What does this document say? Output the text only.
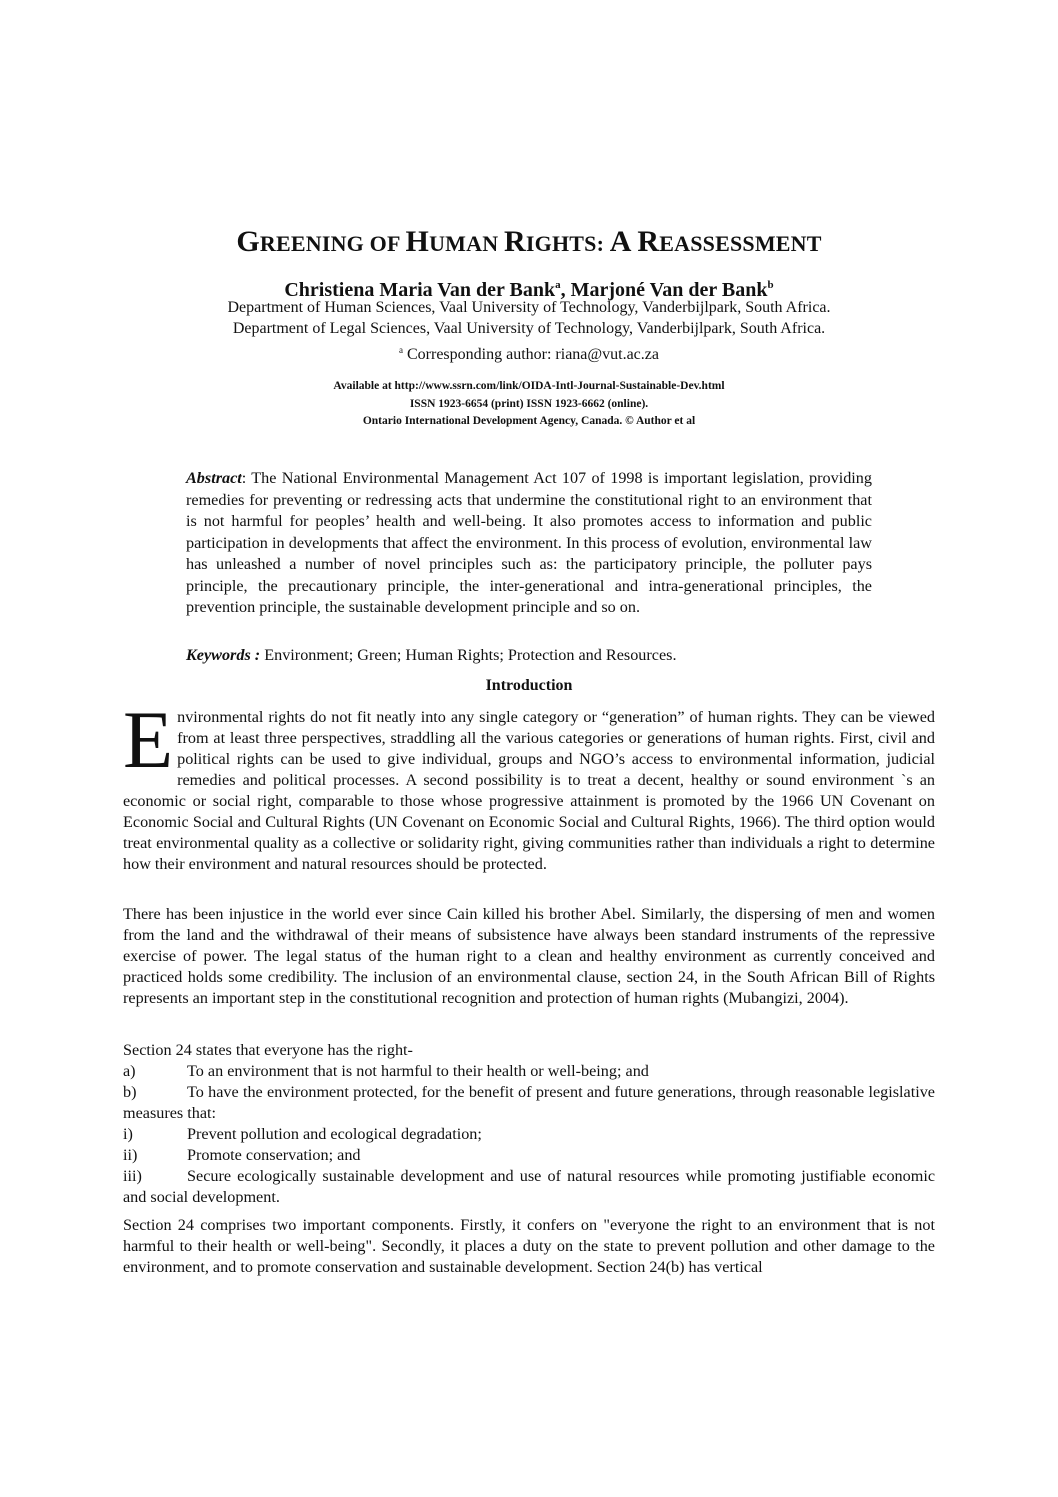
GREENING OF HUMAN RIGHTS: A REASSESSMENT
Christiena Maria Van der Bank$^a$, Marjoné Van der Bank$^b$
Department of Human Sciences, Vaal University of Technology, Vanderbijlpark, South Africa.
Department of Legal Sciences, Vaal University of Technology, Vanderbijlpark, South Africa.
$^a$ Corresponding author: riana@vut.ac.za
Available at http://www.ssrn.com/link/OIDA-Intl-Journal-Sustainable-Dev.html
ISSN 1923-6654 (print) ISSN 1923-6662 (online).
Ontario International Development Agency, Canada. © Author et al
Abstract: The National Environmental Management Act 107 of 1998 is important legislation, providing remedies for preventing or redressing acts that undermine the constitutional right to an environment that is not harmful for peoples’ health and well-being. It also promotes access to information and public participation in developments that affect the environment. In this process of evolution, environmental law has unleashed a number of novel principles such as: the participatory principle, the polluter pays principle, the precautionary principle, the inter-generational and intra-generational principles, the prevention principle, the sustainable development principle and so on.
Keywords : Environment; Green; Human Rights; Protection and Resources.
Introduction
Environmental rights do not fit neatly into any single category or “generation” of human rights. They can be viewed from at least three perspectives, straddling all the various categories or generations of human rights. First, civil and political rights can be used to give individual, groups and NGO’s access to environmental information, judicial remedies and political processes. A second possibility is to treat a decent, healthy or sound environment `s an economic or social right, comparable to those whose progressive attainment is promoted by the 1966 UN Covenant on Economic Social and Cultural Rights (UN Covenant on Economic Social and Cultural Rights, 1966). The third option would treat environmental quality as a collective or solidarity right, giving communities rather than individuals a right to determine how their environment and natural resources should be protected.
There has been injustice in the world ever since Cain killed his brother Abel. Similarly, the dispersing of men and women from the land and the withdrawal of their means of subsistence have always been standard instruments of the repressive exercise of power. The legal status of the human right to a clean and healthy environment as currently conceived and practiced holds some credibility. The inclusion of an environmental clause, section 24, in the South African Bill of Rights represents an important step in the constitutional recognition and protection of human rights (Mubangizi, 2004).
Section 24 states that everyone has the right-
a)	To an environment that is not harmful to their health or well-being; and
b)	To have the environment protected, for the benefit of present and future generations, through reasonable legislative measures that:
i)	Prevent pollution and ecological degradation;
ii)	Promote conservation; and
iii)	Secure ecologically sustainable development and use of natural resources while promoting justifiable economic and social development.
Section 24 comprises two important components. Firstly, it confers on "everyone the right to an environment that is not harmful to their health or well-being". Secondly, it places a duty on the state to prevent pollution and other damage to the environment, and to promote conservation and sustainable development. Section 24(b) has vertical
